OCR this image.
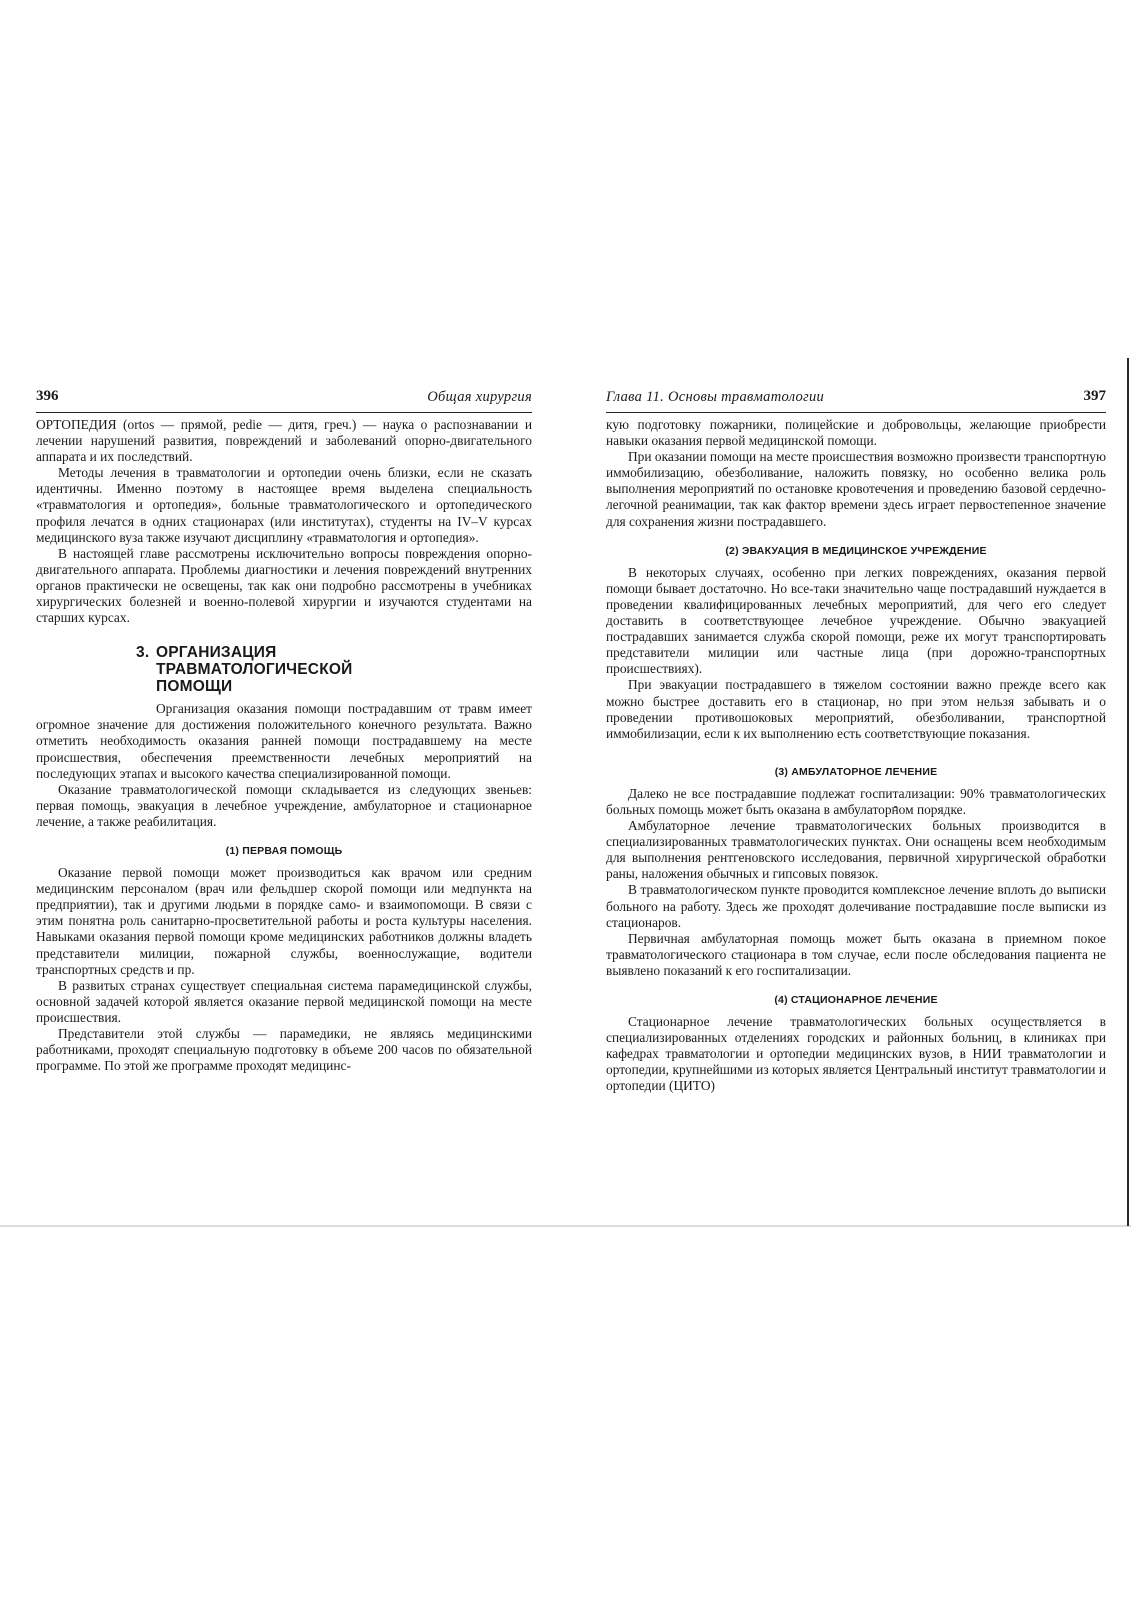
396	Общая хирургия

ОРТОПЕДИЯ (ortos — прямой, pedie — дитя, греч.) — наука о распознавании и лечении нарушений развития, повреждений и заболеваний опорно-двигательного аппарата и их последствий.

Методы лечения в травматологии и ортопедии очень близки, если не сказать идентичны. Именно поэтому в настоящее время выделена специальность «травматология и ортопедия», больные травматологического и ортопедического профиля лечатся в одних стационарах (или институтах), студенты на IV–V курсах медицинского вуза также изучают дисциплину «травматология и ортопедия».

В настоящей главе рассмотрены исключительно вопросы повреждения опорно-двигательного аппарата. Проблемы диагностики и лечения повреждений внутренних органов практически не освещены, так как они подробно рассмотрены в учебниках хирургических болезней и военно-полевой хирургии и изучаются студентами на старших курсах.

3. ОРГАНИЗАЦИЯ ТРАВМАТОЛОГИЧЕСКОЙ ПОМОЩИ

Организация оказания помощи пострадавшим от травм имеет огромное значение для достижения положительного конечного результата. Важно отметить необходимость оказания ранней помощи пострадавшему на месте происшествия, обеспечения преемственности лечебных мероприятий на последующих этапах и высокого качества специализированной помощи.

Оказание травматологической помощи складывается из следующих звеньев: первая помощь, эвакуация в лечебное учреждение, амбулаторное и стационарное лечение, а также реабилитация.

(1) ПЕРВАЯ ПОМОЩЬ

Оказание первой помощи может производиться как врачом или средним медицинским персоналом (врач или фельдшер скорой помощи или медпункта на предприятии), так и другими людьми в порядке само- и взаимопомощи. В связи с этим понятна роль санитарно-просветительной работы и роста культуры населения. Навыками оказания первой помощи кроме медицинских работников должны владеть представители милиции, пожарной службы, военнослужащие, водители транспортных средств и пр.

В развитых странах существует специальная система парамедицинской службы, основной задачей которой является оказание первой медицинской помощи на месте происшествия.

Представители этой службы — парамедики, не являясь медицинскими работниками, проходят специальную подготовку в объеме 200 часов по обязательной программе. По этой же программе проходят медицинс-

Глава 11. Основы травматологии	397

кую подготовку пожарники, полицейские и добровольцы, желающие приобрести навыки оказания первой медицинской помощи.

При оказании помощи на месте происшествия возможно произвести транспортную иммобилизацию, обезболивание, наложить повязку, но особенно велика роль выполнения мероприятий по остановке кровотечения и проведению базовой сердечно-легочной реанимации, так как фактор времени здесь играет первостепенное значение для сохранения жизни пострадавшего.

(2) ЭВАКУАЦИЯ В МЕДИЦИНСКОЕ УЧРЕЖДЕНИЕ

В некоторых случаях, особенно при легких повреждениях, оказания первой помощи бывает достаточно. Но все-таки значительно чаще пострадавший нуждается в проведении квалифицированных лечебных мероприятий, для чего его следует доставить в соответствующее лечебное учреждение. Обычно эвакуацией пострадавших занимается служба скорой помощи, реже их могут транспортировать представители милиции или частные лица (при дорожно-транспортных происшествиях).

При эвакуации пострадавшего в тяжелом состоянии важно прежде всего как можно быстрее доставить его в стационар, но при этом нельзя забывать и о проведении противошоковых мероприятий, обезболивании, транспортной иммобилизации, если к их выполнению есть соответствующие показания.

(3) АМБУЛАТОРНОЕ ЛЕЧЕНИЕ

Далеко не все пострадавшие подлежат госпитализации: 90% травматологических больных помощь может быть оказана в амбулаторном порядке.

Амбулаторное лечение травматологических больных производится в специализированных травматологических пунктах. Они оснащены всем необходимым для выполнения рентгеновского исследования, первичной хирургической обработки раны, наложения обычных и гипсовых повязок.

В травматологическом пункте проводится комплексное лечение вплоть до выписки больного на работу. Здесь же проходят долечивание пострадавшие после выписки из стационаров.

Первичная амбулаторная помощь может быть оказана в приемном покое травматологического стационара в том случае, если после обследования пациента не выявлено показаний к его госпитализации.

(4) СТАЦИОНАРНОЕ ЛЕЧЕНИЕ

Стационарное лечение травматологических больных осуществляется в специализированных отделениях городских и районных больниц, в клиниках при кафедрах травматологии и ортопедии медицинских вузов, в НИИ травматологии и ортопедии, крупнейшими из которых является Центральный институт травматологии и ортопедии (ЦИТО)
